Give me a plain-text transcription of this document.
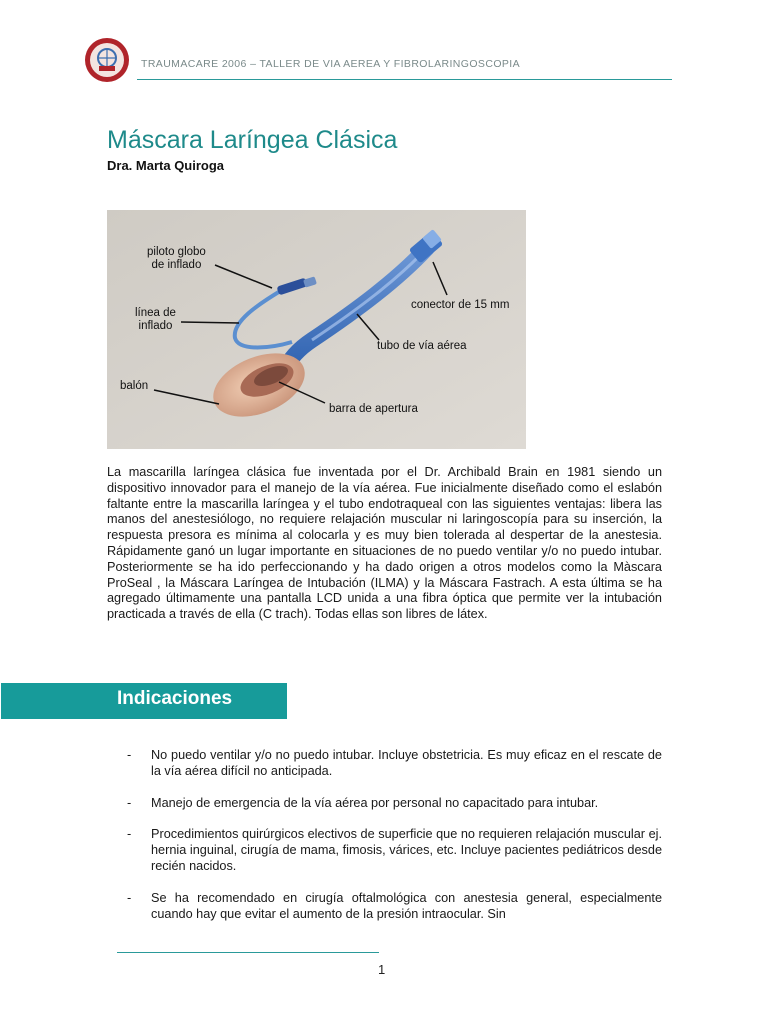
TRAUMACARE 2006 – TALLER DE VIA AEREA Y FIBROLARINGOSCOPIA
Máscara Laríngea Clásica
Dra. Marta Quiroga
piloto globo
de inflado
línea de
inflado
balón
conector de 15 mm
tubo de vía aérea
barra de apertura

La mascarilla laríngea clásica fue inventada por el Dr. Archibald Brain en 1981 siendo un dispositivo innovador para el manejo de la vía aérea. Fue inicialmente diseñado como el eslabón faltante entre la mascarilla laríngea y el tubo endotraqueal con las siguientes ventajas: libera las manos del anestesiólogo, no requiere relajación muscular ni laringoscopía para su inserción, la respuesta presora es mínima al colocarla y es muy bien tolerada al despertar de la anestesia. Rápidamente ganó un lugar importante en situaciones de no puedo ventilar y/o no puedo intubar. Posteriormente se ha ido perfeccionando y ha dado origen a otros modelos como la Màscara ProSeal , la Máscara Laríngea de Intubación (ILMA) y la Máscara Fastrach. A esta última se ha agregado últimamente una pantalla LCD unida a una fibra óptica que permite ver la intubación practicada a través de ella (C trach). Todas ellas son libres de látex.

Indicaciones
- No puedo ventilar y/o no puedo intubar. Incluye obstetricia. Es muy eficaz en el rescate de la vía aérea difícil no anticipada.
- Manejo de emergencia de la vía aérea por personal no capacitado para intubar.
- Procedimientos quirúrgicos electivos de superficie que no requieren relajación muscular ej. hernia inguinal, cirugía de mama, fimosis, várices, etc. Incluye pacientes pediátricos desde recién nacidos.
- Se ha recomendado en cirugía oftalmológica con anestesia general, especialmente cuando hay que evitar el aumento de la presión intraocular. Sin
1
